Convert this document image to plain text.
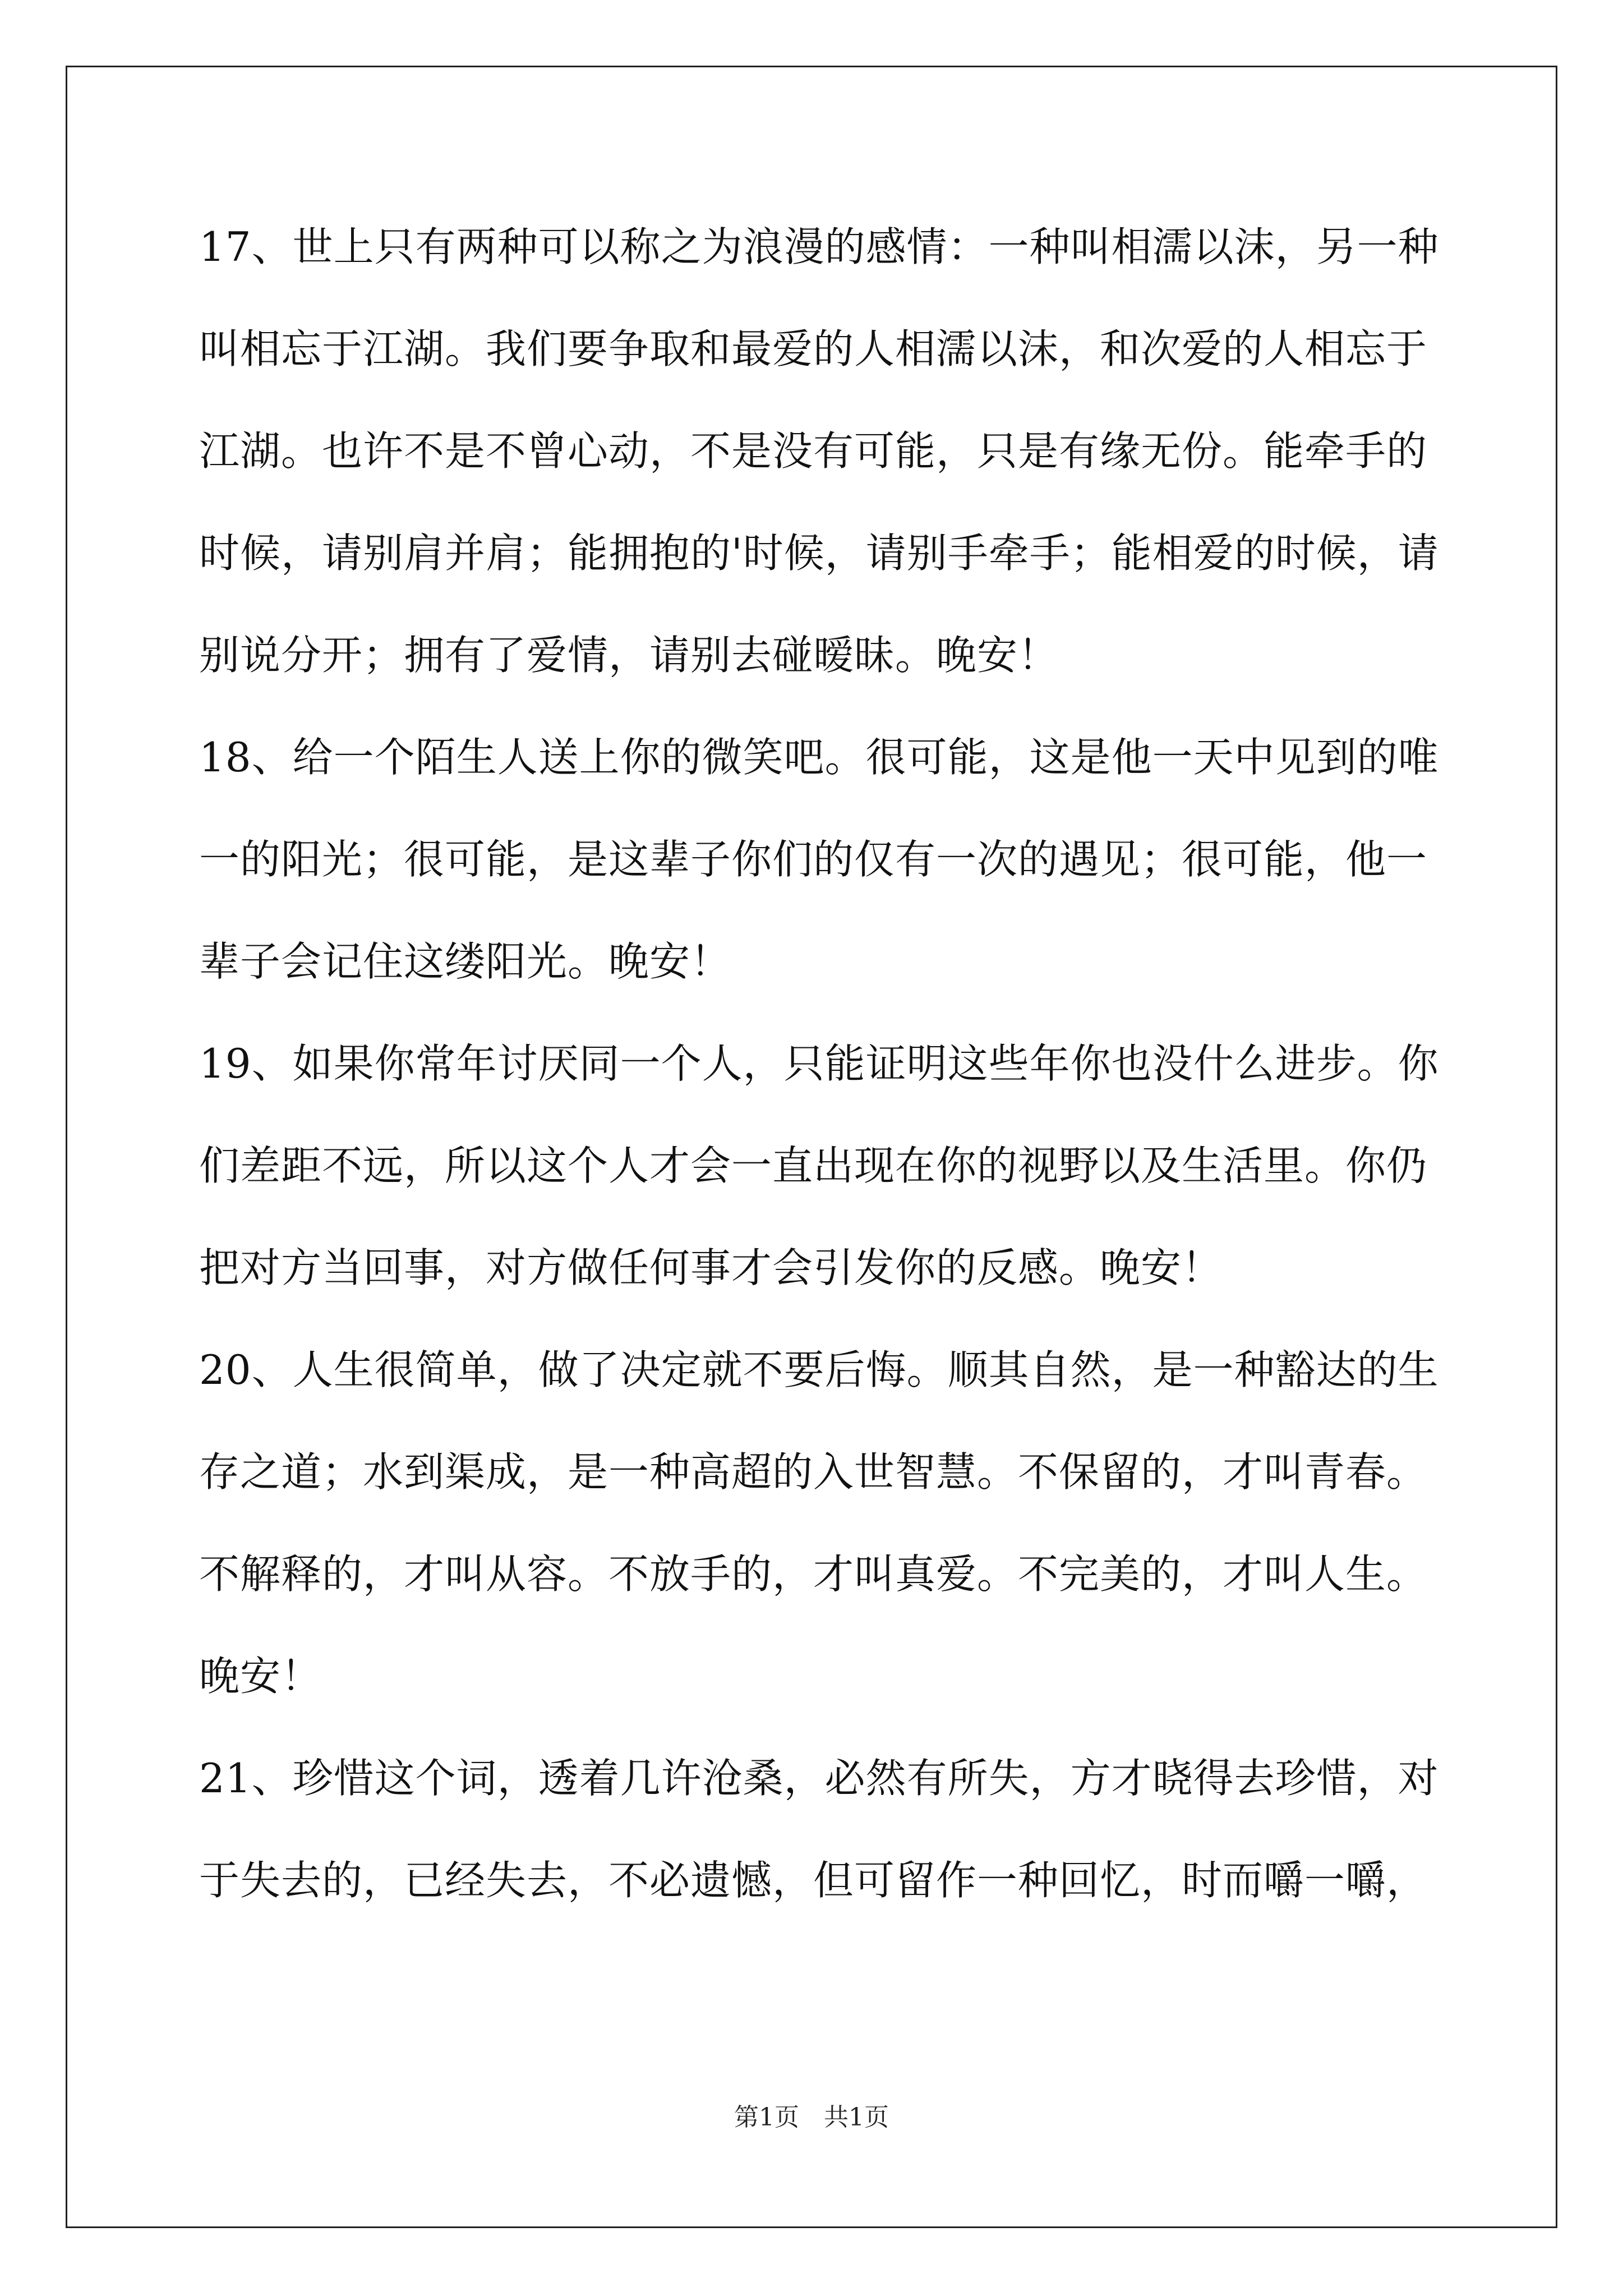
17、世上只有两种可以称之为浪漫的感情：一种叫相濡以沫，另一种
叫相忘于江湖。我们要争取和最爱的人相濡以沫，和次爱的人相忘于
江湖。也许不是不曾心动，不是没有可能，只是有缘无份。能牵手的
时候，请别肩并肩；能拥抱的'时候，请别手牵手；能相爱的时候，请
别说分开；拥有了爱情，请别去碰暧昧。晚安！
18、给一个陌生人送上你的微笑吧。很可能，这是他一天中见到的唯
一的阳光；很可能，是这辈子你们的仅有一次的遇见；很可能，他一
辈子会记住这缕阳光。晚安！
19、如果你常年讨厌同一个人，只能证明这些年你也没什么进步。你
们差距不远，所以这个人才会一直出现在你的视野以及生活里。你仍
把对方当回事，对方做任何事才会引发你的反感。晚安！
20、人生很简单，做了决定就不要后悔。顺其自然，是一种豁达的生
存之道；水到渠成，是一种高超的入世智慧。不保留的，才叫青春。
不解释的，才叫从容。不放手的，才叫真爱。不完美的，才叫人生。
晚安！
21、珍惜这个词，透着几许沧桑，必然有所失，方才晓得去珍惜，对
于失去的，已经失去，不必遗憾，但可留作一种回忆，时而嚼一嚼，
第1页　共1页
